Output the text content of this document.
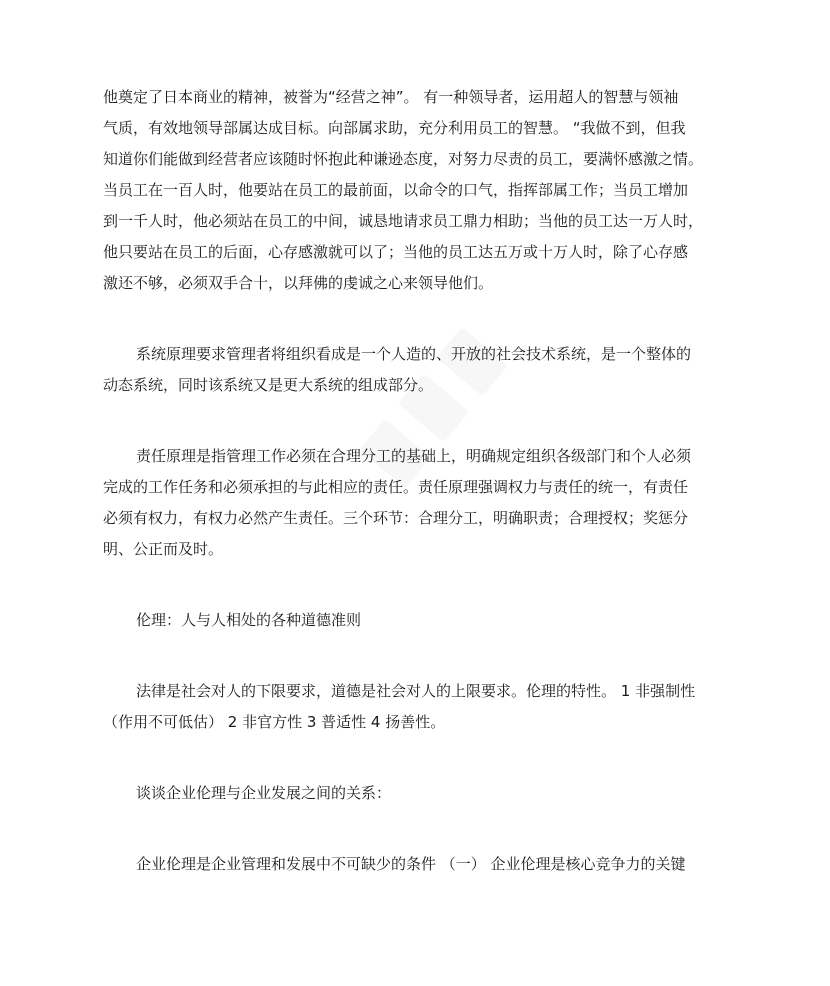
他奠定了日本商业的精神，被誉为“经营之神”。 有一种领导者，运用超人的智慧与领袖
气质，有效地领导部属达成目标。向部属求助，充分利用员工的智慧。 “我做不到，但我
知道你们能做到经营者应该随时怀抱此种谦逊态度，对努力尽责的员工，要满怀感激之情。
当员工在一百人时，他要站在员工的最前面，以命令的口气，指挥部属工作；当员工增加
到一千人时，他必须站在员工的中间，诚恳地请求员工鼎力相助；当他的员工达一万人时，
他只要站在员工的后面，心存感激就可以了；当他的员工达五万或十万人时，除了心存感
激还不够，必须双手合十，以拜佛的虔诚之心来领导他们。

系统原理要求管理者将组织看成是一个人造的、开放的社会技术系统，是一个整体的
动态系统，同时该系统又是更大系统的组成部分。

责任原理是指管理工作必须在合理分工的基础上，明确规定组织各级部门和个人必须
完成的工作任务和必须承担的与此相应的责任。责任原理强调权力与责任的统一，有责任
必须有权力，有权力必然产生责任。三个环节：合理分工，明确职责；合理授权；奖惩分
明、公正而及时。

伦理：人与人相处的各种道德准则

法律是社会对人的下限要求，道德是社会对人的上限要求。伦理的特性。 1 非强制性
（作用不可低估） 2 非官方性 3 普适性 4 扬善性。

谈谈企业伦理与企业发展之间的关系：

企业伦理是企业管理和发展中不可缺少的条件 （一） 企业伦理是核心竞争力的关键
